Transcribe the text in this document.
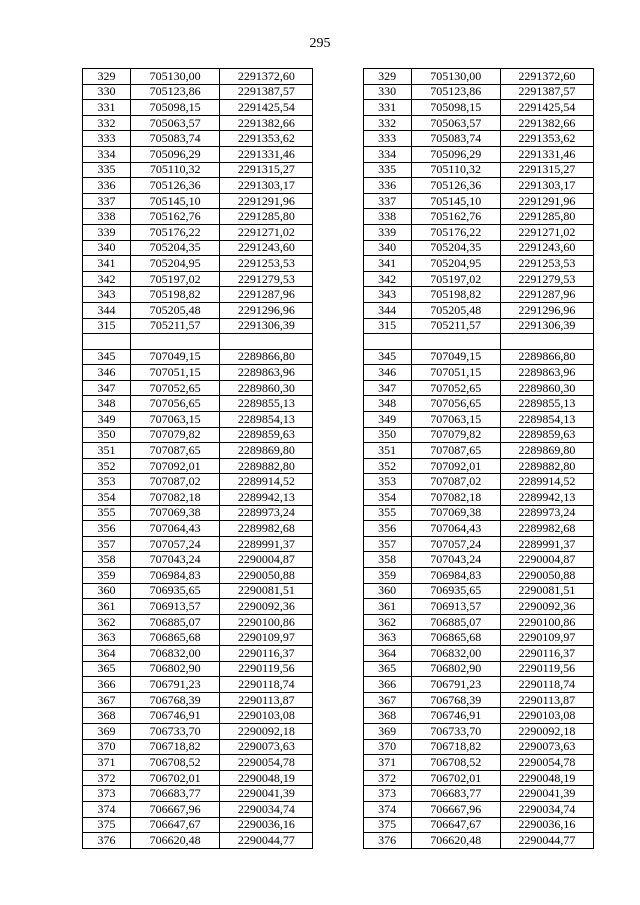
295
329	705130,00	2291372,60		329	705130,00	2291372,60
330	705123,86	2291387,57		330	705123,86	2291387,57
331	705098,15	2291425,54		331	705098,15	2291425,54
332	705063,57	2291382,66		332	705063,57	2291382,66
333	705083,74	2291353,62		333	705083,74	2291353,62
334	705096,29	2291331,46		334	705096,29	2291331,46
335	705110,32	2291315,27		335	705110,32	2291315,27
336	705126,36	2291303,17		336	705126,36	2291303,17
337	705145,10	2291291,96		337	705145,10	2291291,96
338	705162,76	2291285,80		338	705162,76	2291285,80
339	705176,22	2291271,02		339	705176,22	2291271,02
340	705204,35	2291243,60		340	705204,35	2291243,60
341	705204,95	2291253,53		341	705204,95	2291253,53
342	705197,02	2291279,53		342	705197,02	2291279,53
343	705198,82	2291287,96		343	705198,82	2291287,96
344	705205,48	2291296,96		344	705205,48	2291296,96
315	705211,57	2291306,39		315	705211,57	2291306,39

345	707049,15	2289866,80		345	707049,15	2289866,80
346	707051,15	2289863,96		346	707051,15	2289863,96
347	707052,65	2289860,30		347	707052,65	2289860,30
348	707056,65	2289855,13		348	707056,65	2289855,13
349	707063,15	2289854,13		349	707063,15	2289854,13
350	707079,82	2289859,63		350	707079,82	2289859,63
351	707087,65	2289869,80		351	707087,65	2289869,80
352	707092,01	2289882,80		352	707092,01	2289882,80
353	707087,02	2289914,52		353	707087,02	2289914,52
354	707082,18	2289942,13		354	707082,18	2289942,13
355	707069,38	2289973,24		355	707069,38	2289973,24
356	707064,43	2289982,68		356	707064,43	2289982,68
357	707057,24	2289991,37		357	707057,24	2289991,37
358	707043,24	2290004,87		358	707043,24	2290004,87
359	706984,83	2290050,88		359	706984,83	2290050,88
360	706935,65	2290081,51		360	706935,65	2290081,51
361	706913,57	2290092,36		361	706913,57	2290092,36
362	706885,07	2290100,86		362	706885,07	2290100,86
363	706865,68	2290109,97		363	706865,68	2290109,97
364	706832,00	2290116,37		364	706832,00	2290116,37
365	706802,90	2290119,56		365	706802,90	2290119,56
366	706791,23	2290118,74		366	706791,23	2290118,74
367	706768,39	2290113,87		367	706768,39	2290113,87
368	706746,91	2290103,08		368	706746,91	2290103,08
369	706733,70	2290092,18		369	706733,70	2290092,18
370	706718,82	2290073,63		370	706718,82	2290073,63
371	706708,52	2290054,78		371	706708,52	2290054,78
372	706702,01	2290048,19		372	706702,01	2290048,19
373	706683,77	2290041,39		373	706683,77	2290041,39
374	706667,96	2290034,74		374	706667,96	2290034,74
375	706647,67	2290036,16		375	706647,67	2290036,16
376	706620,48	2290044,77		376	706620,48	2290044,77
